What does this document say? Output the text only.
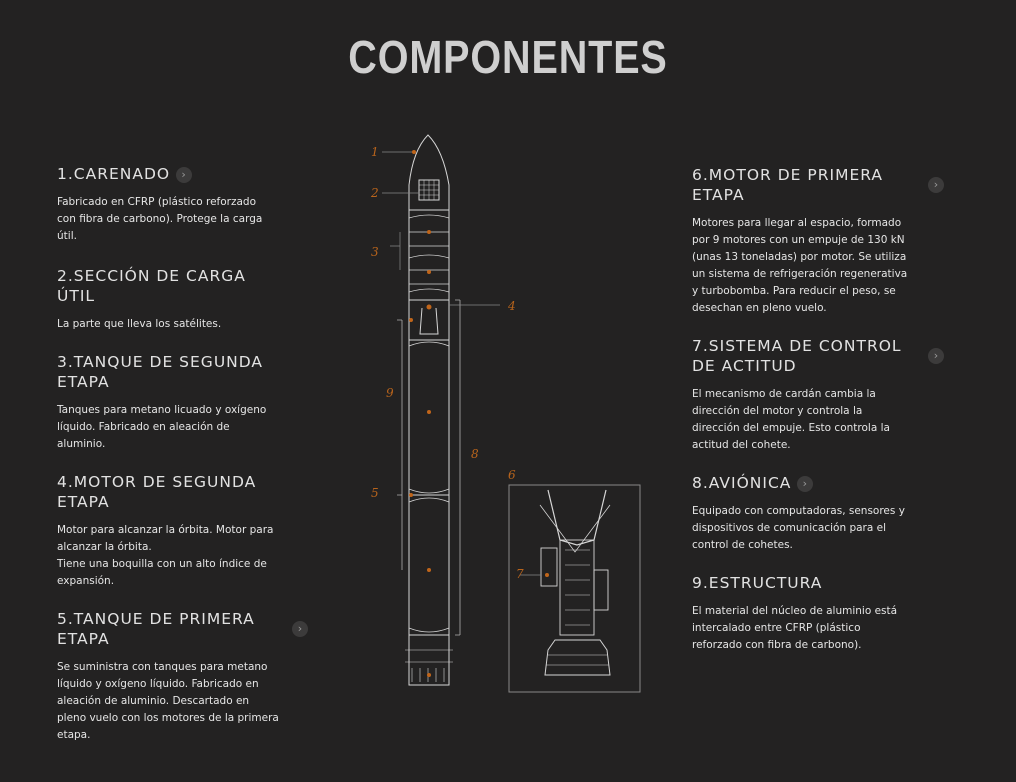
COMPONENTES
1.CARENADO ›

Fabricado en CFRP (plástico reforzado
con fibra de carbono). Protege la carga
útil.

2.SECCIÓN DE CARGA
ÚTIL

La parte que lleva los satélites.

3.TANQUE DE SEGUNDA
ETAPA

Tanques para metano licuado y oxígeno
líquido. Fabricado en aleación de
aluminio.

4.MOTOR DE SEGUNDA
ETAPA

Motor para alcanzar la órbita. Motor para
alcanzar la órbita.
Tiene una boquilla con un alto índice de
expansión.

5.TANQUE DE PRIMERA
ETAPA

Se suministra con tanques para metano
líquido y oxígeno líquido. Fabricado en
aleación de aluminio. Descartado en
pleno vuelo con los motores de la primera
etapa.

›
6.MOTOR DE PRIMERA
ETAPA

Motores para llegar al espacio, formado
por 9 motores con un empuje de 130 kN
(unas 13 toneladas) por motor. Se utiliza
un sistema de refrigeración regenerativa
y turbobomba. Para reducir el peso, se
desechan en pleno vuelo.

›
7.SISTEMA DE CONTROL
DE ACTITUD

El mecanismo de cardán cambia la
dirección del motor y controla la
dirección del empuje. Esto controla la
actitud del cohete.

›
8.AVIÓNICA ›

Equipado con computadoras, sensores y
dispositivos de comunicación para el
control de cohetes.

9.ESTRUCTURA

El material del núcleo de aluminio está
intercalado entre CFRP (plástico
reforzado con fibra de carbono).

1
2
3
4
5
6
7
8
9
